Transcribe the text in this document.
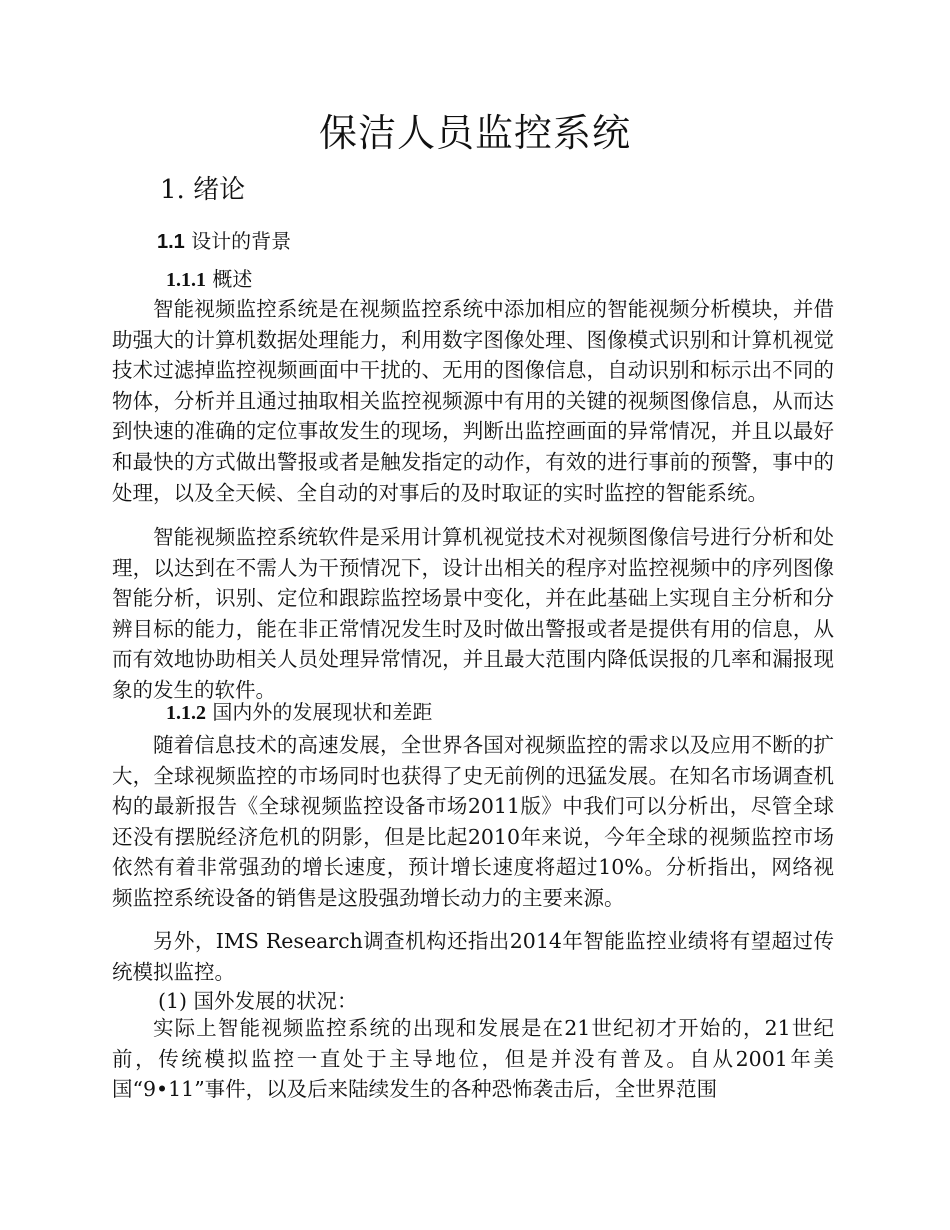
保洁人员监控系统
1. 绪论
1.1 设计的背景
1.1.1 概述

智能视频监控系统是在视频监控系统中添加相应的智能视频分析模块，并借助强大的计算机数据处理能力，利用数字图像处理、图像模式识别和计算机视觉技术过滤掉监控视频画面中干扰的、无用的图像信息，自动识别和标示出不同的物体，分析并且通过抽取相关监控视频源中有用的关键的视频图像信息，从而达到快速的准确的定位事故发生的现场，判断出监控画面的异常情况，并且以最好和最快的方式做出警报或者是触发指定的动作，有效的进行事前的预警，事中的处理，以及全天候、全自动的对事后的及时取证的实时监控的智能系统。

智能视频监控系统软件是采用计算机视觉技术对视频图像信号进行分析和处理，以达到在不需人为干预情况下，设计出相关的程序对监控视频中的序列图像智能分析，识别、定位和跟踪监控场景中变化，并在此基础上实现自主分析和分辨目标的能力，能在非正常情况发生时及时做出警报或者是提供有用的信息，从而有效地协助相关人员处理异常情况，并且最大范围内降低误报的几率和漏报现象的发生的软件。

1.1.2 国内外的发展现状和差距

随着信息技术的高速发展，全世界各国对视频监控的需求以及应用不断的扩大，全球视频监控的市场同时也获得了史无前例的迅猛发展。在知名市场调查机构的最新报告《全球视频监控设备市场2011版》中我们可以分析出，尽管全球还没有摆脱经济危机的阴影，但是比起2010年来说，今年全球的视频监控市场依然有着非常强劲的增长速度，预计增长速度将超过10%。分析指出，网络视频监控系统设备的销售是这股强劲增长动力的主要来源。

另外，IMS Research调查机构还指出2014年智能监控业绩将有望超过传统模拟监控。

(1) 国外发展的状况：

实际上智能视频监控系统的出现和发展是在21世纪初才开始的，21世纪前，传统模拟监控一直处于主导地位，但是并没有普及。自从2001年美国“9•11”事件，以及后来陆续发生的各种恐怖袭击后，全世界范围
